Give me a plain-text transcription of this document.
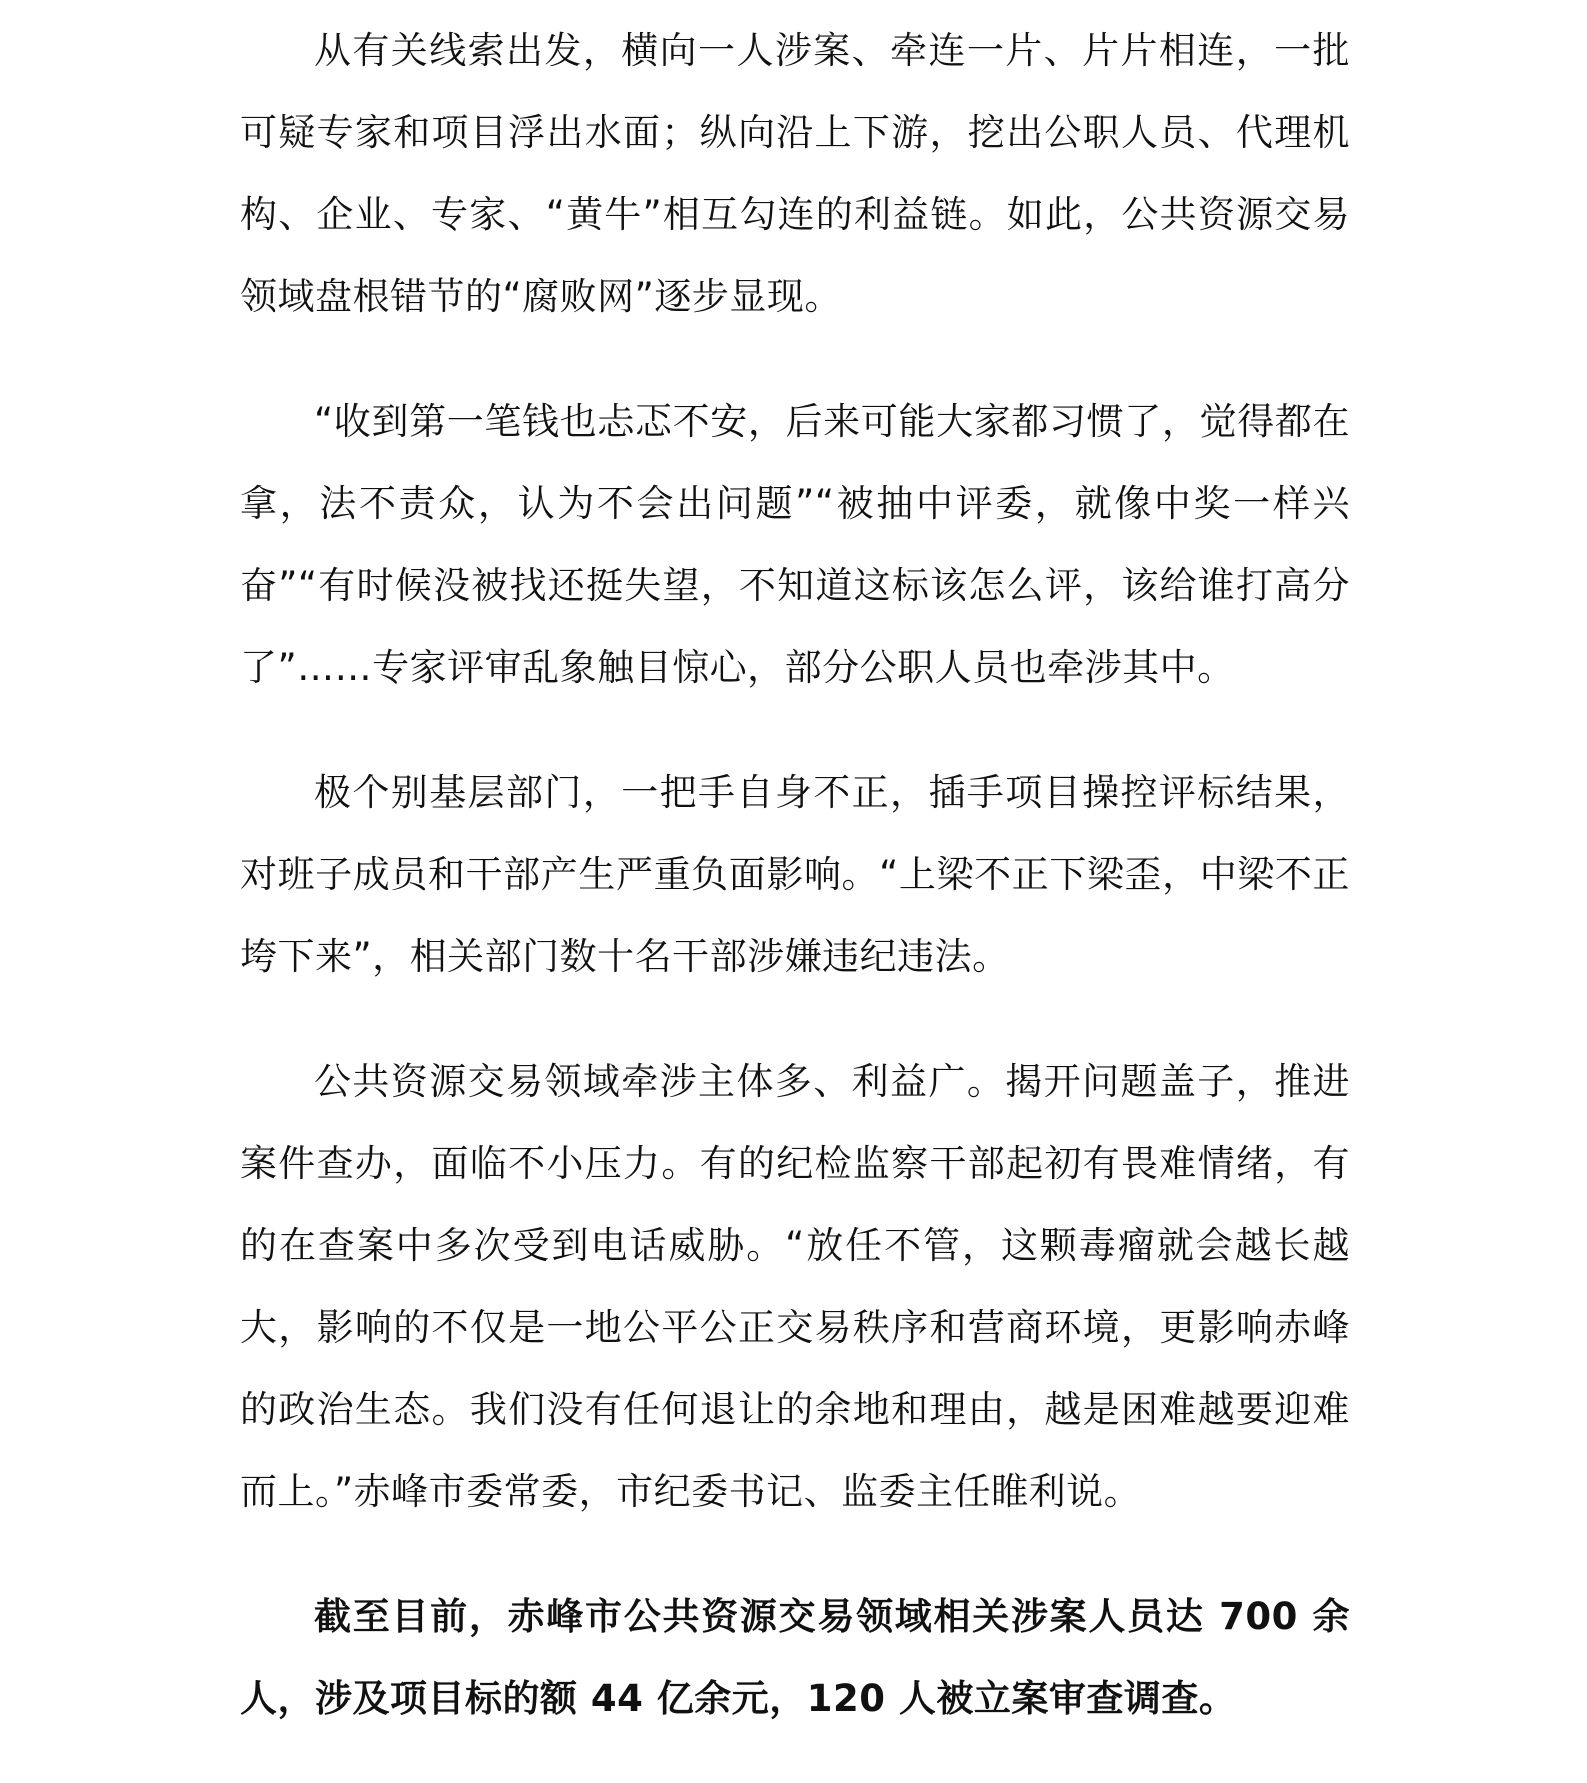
从有关线索出发，横向一人涉案、牵连一片、片片相连，一批可疑专家和项目浮出水面；纵向沿上下游，挖出公职人员、代理机构、企业、专家、“黄牛”相互勾连的利益链。如此，公共资源交易领域盘根错节的“腐败网”逐步显现。

“收到第一笔钱也忐忑不安，后来可能大家都习惯了，觉得都在拿，法不责众，认为不会出问题”“被抽中评委，就像中奖一样兴奋”“有时候没被找还挺失望，不知道这标该怎么评，该给谁打高分了”……专家评审乱象触目惊心，部分公职人员也牵涉其中。

极个别基层部门，一把手自身不正，插手项目操控评标结果，对班子成员和干部产生严重负面影响。“上梁不正下梁歪，中梁不正垮下来”，相关部门数十名干部涉嫌违纪违法。

公共资源交易领域牵涉主体多、利益广。揭开问题盖子，推进案件查办，面临不小压力。有的纪检监察干部起初有畏难情绪，有的在查案中多次受到电话威胁。“放任不管，这颗毒瘤就会越长越大，影响的不仅是一地公平公正交易秩序和营商环境，更影响赤峰的政治生态。我们没有任何退让的余地和理由，越是困难越要迎难而上。”赤峰市委常委，市纪委书记、监委主任睢利说。

截至目前，赤峰市公共资源交易领域相关涉案人员达 700 余人，涉及项目标的额 44 亿余元，120 人被立案审查调查。
